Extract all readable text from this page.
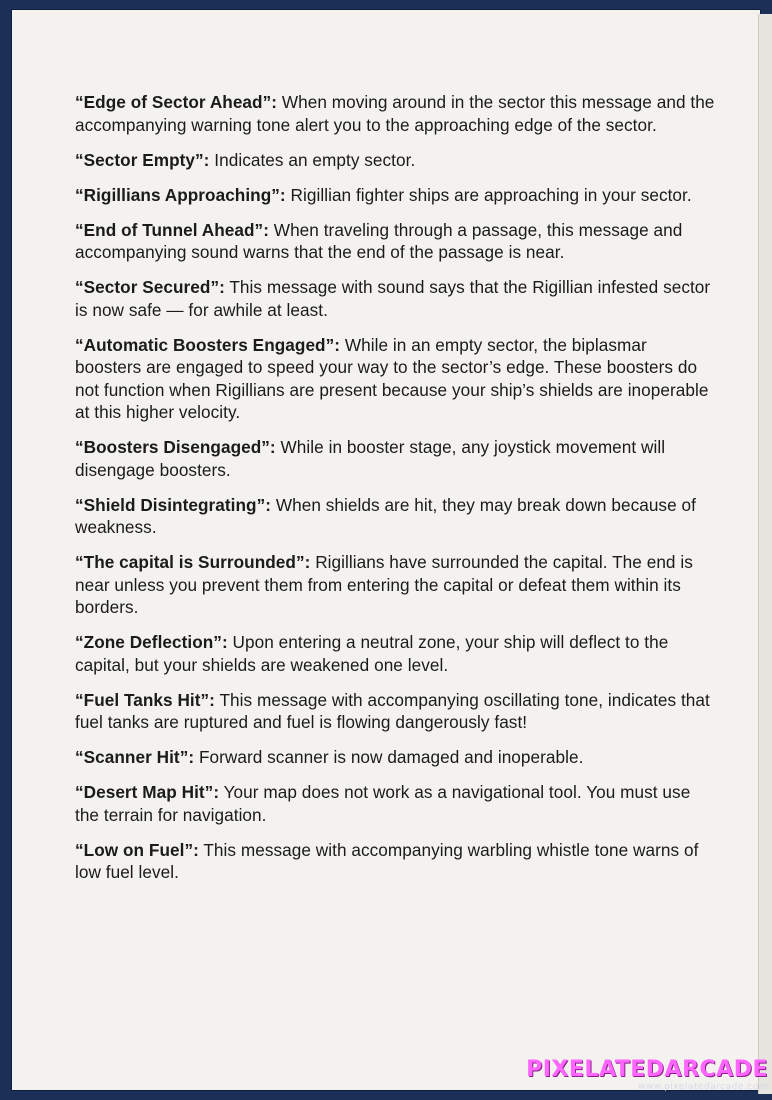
“Edge of Sector Ahead”: When moving around in the sector this message and the accompanying warning tone alert you to the approaching edge of the sector.

“Sector Empty”: Indicates an empty sector.

“Rigillians Approaching”: Rigillian fighter ships are approaching in your sector.

“End of Tunnel Ahead”: When traveling through a passage, this message and accompanying sound warns that the end of the passage is near.

“Sector Secured”: This message with sound says that the Rigillian infested sector is now safe — for awhile at least.

“Automatic Boosters Engaged”: While in an empty sector, the biplasmar boosters are engaged to speed your way to the sector’s edge. These boosters do not function when Rigillians are present because your ship’s shields are inoperable at this higher velocity.

“Boosters Disengaged”: While in booster stage, any joystick movement will disengage boosters.

“Shield Disintegrating”: When shields are hit, they may break down because of weakness.

“The capital is Surrounded”: Rigillians have surrounded the capital. The end is near unless you prevent them from entering the capital or defeat them within its borders.

“Zone Deflection”: Upon entering a neutral zone, your ship will deflect to the capital, but your shields are weakened one level.

“Fuel Tanks Hit”: This message with accompanying oscillating tone, indicates that fuel tanks are ruptured and fuel is flowing dangerously fast!

“Scanner Hit”: Forward scanner is now damaged and inoperable.

“Desert Map Hit”: Your map does not work as a navigational tool. You must use the terrain for navigation.

“Low on Fuel”: This message with accompanying warbling whistle tone warns of low fuel level.

PIXELATEDARCADE
www.pixelatedarcade.com
